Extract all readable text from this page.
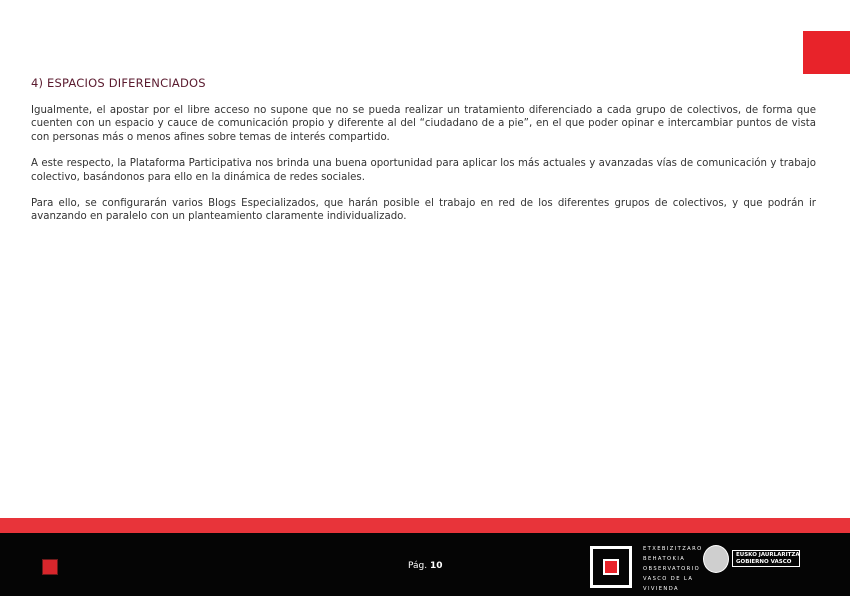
4) ESPACIOS DIFERENCIADOS

Igualmente, el apostar por el libre acceso no supone que no se pueda realizar un tratamiento diferenciado a cada grupo de colectivos, de forma que cuenten con un espacio y cauce de comunicación propio y diferente al del “ciudadano de a pie”, en el que poder opinar e intercambiar puntos de vista con personas más o menos afines sobre temas de interés compartido.

A este respecto, la Plataforma Participativa nos brinda una buena oportunidad para aplicar los más actuales y avanzadas vías de comunicación y trabajo colectivo, basándonos para ello en la dinámica de redes sociales.

Para ello, se configurarán varios Blogs Especializados, que harán posible el trabajo en red de los diferentes grupos de colectivos, y que podrán ir avanzando en paralelo con un planteamiento claramente individualizado.

Pág. 10
ETXEBIZITZARO
BEHATOKIA
OBSERVATORIO
VASCO DE LA
VIVIENDA
EUSKO JAURLARITZA
GOBIERNO VASCO
